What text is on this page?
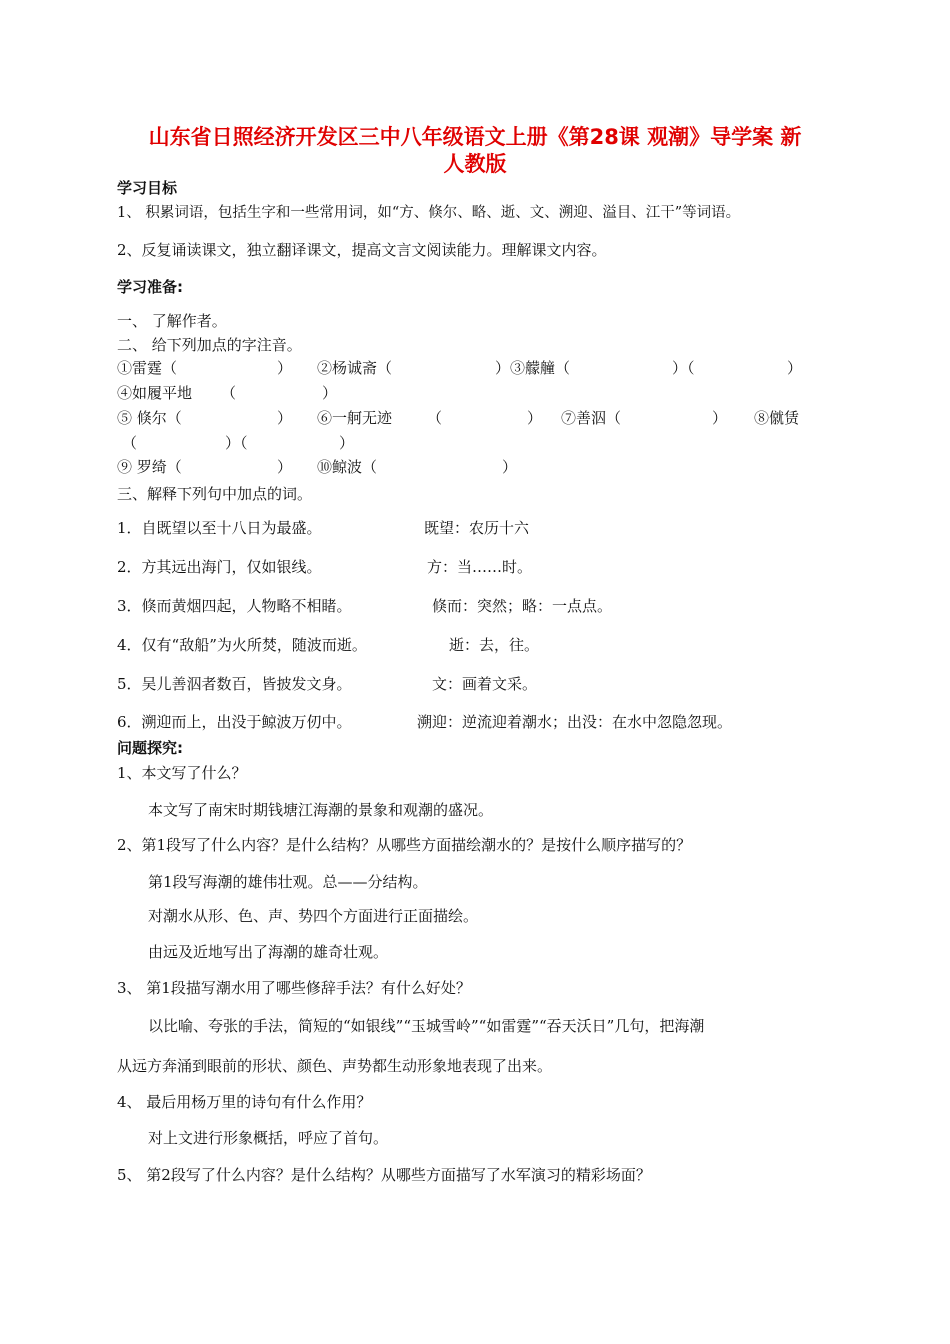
山东省日照经济开发区三中八年级语文上册《第28课 观潮》导学案 新
人教版
学习目标
1、 积累词语，包括生字和一些常用词，如“方、倏尔、略、逝、文、溯迎、溢目、江干”等词语。
2、反复诵读课文，独立翻译课文，提高文言文阅读能力。理解课文内容。
学习准备:
一、 了解作者。
二、 给下列加点的字注音。
①雷霆（	） ②杨诚斋（	）③艨艟（	）（	）
④如履平地 （	）
⑤ 倏尔（	） ⑥一舸无迹 （	） ⑦善泅（	） ⑧僦赁
（	）（	）
⑨ 罗绮（	） ⑩鲸波（	）
三、解释下列句中加点的词。
1．自既望以至十八日为最盛。	既望：农历十六
2．方其远出海门，仅如银线。	方：当……时。
3．倏而黄烟四起，人物略不相睹。	倏而：突然；略：一点点。
4．仅有“敌船”为火所焚，随波而逝。	逝：去，往。
5．吴儿善泅者数百，皆披发文身。	文：画着文采。
6．溯迎而上，出没于鲸波万仞中。	溯迎：逆流迎着潮水；出没：在水中忽隐忽现。
问题探究:
1、本文写了什么？
本文写了南宋时期钱塘江海潮的景象和观潮的盛况。
2、第1段写了什么内容？是什么结构？从哪些方面描绘潮水的？是按什么顺序描写的？
第1段写海潮的雄伟壮观。总——分结构。
对潮水从形、色、声、势四个方面进行正面描绘。
由远及近地写出了海潮的雄奇壮观。
3、 第1段描写潮水用了哪些修辞手法？有什么好处？
以比喻、夸张的手法，简短的“如银线”“玉城雪岭”“如雷霆”“吞天沃日”几句，把海潮
从远方奔涌到眼前的形状、颜色、声势都生动形象地表现了出来。
4、 最后用杨万里的诗句有什么作用？
对上文进行形象概括，呼应了首句。
5、 第2段写了什么内容？是什么结构？从哪些方面描写了水军演习的精彩场面？
